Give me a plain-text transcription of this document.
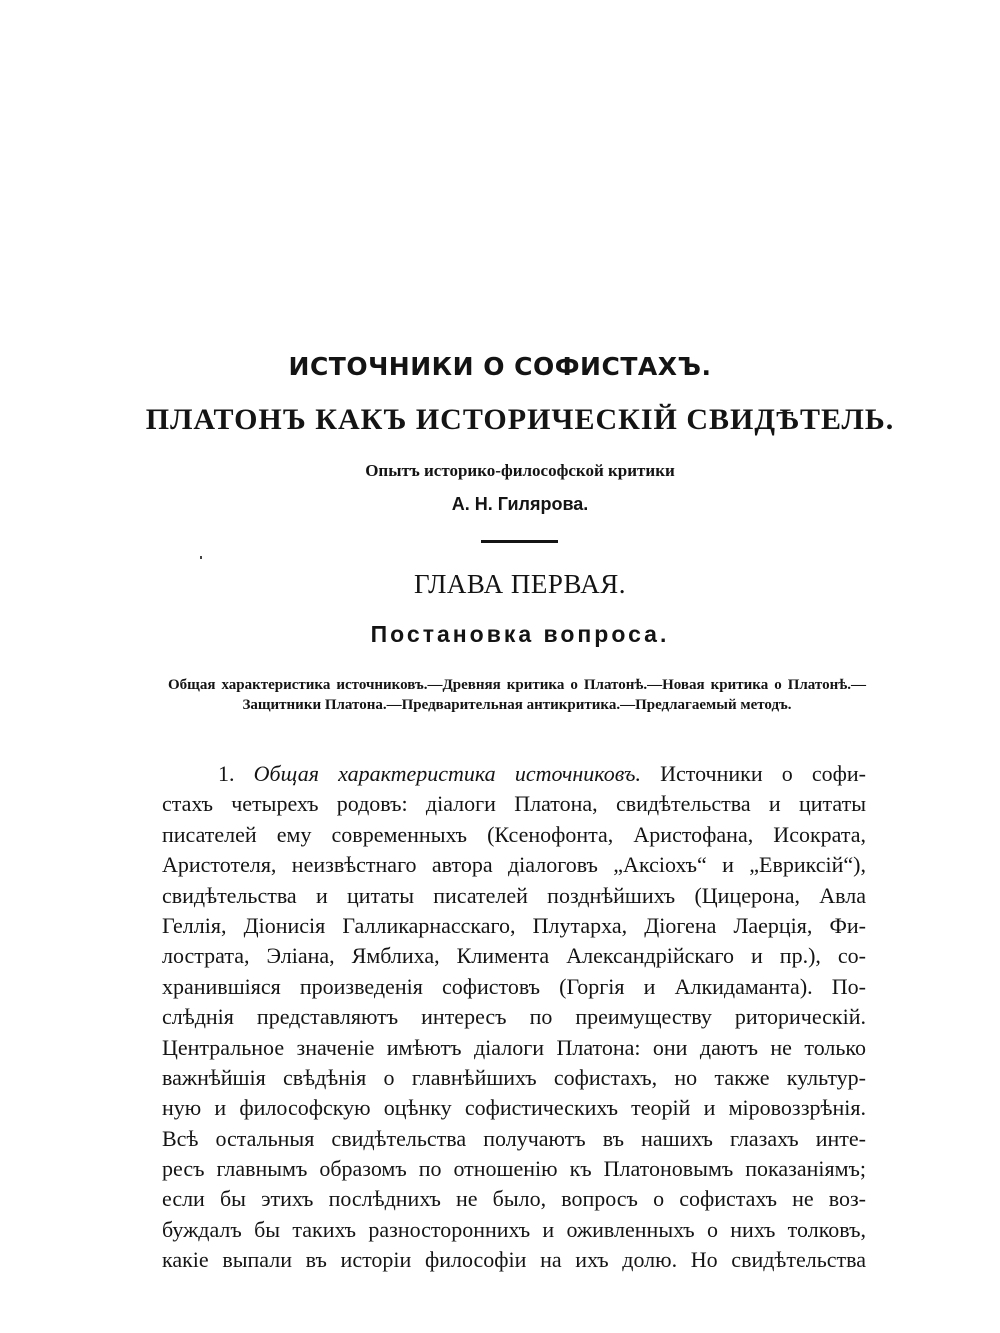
ИСТОЧНИКИ О СОФИСТАХЪ.
ПЛАТОНЪ КАКЪ ИСТОРИЧЕСКІЙ СВИДѢТЕЛЬ.
Опытъ историко-философской критики
А. Н. Гилярова.
ГЛАВА ПЕРВАЯ.
Постановка вопроса.
Общая характеристика источниковъ.—Древняя критика о Платонѣ.—Новая критика о Платонѣ.—Защитники Платона.—Предварительная антикритика.—Предлагаемый методъ.
1. Общая характеристика источниковъ. Источники о софи-
стахъ четырехъ родовъ: діалоги Платона, свидѣтельства и цитаты
писателей ему современныхъ (Ксенофонта, Аристофана, Исократа,
Аристотеля, неизвѣстнаго автора діалоговъ „Аксіохъ“ и „Евриксій“),
свидѣтельства и цитаты писателей позднѣйшихъ (Цицерона, Авла
Геллія, Діонисія Галликарнасскаго, Плутарха, Діогена Лаерція, Фи-
лострата, Эліана, Ямблиха, Климента Александрійскаго и пр.), со-
хранившіяся произведенія софистовъ (Горгія и Алкидаманта). По-
слѣднія представляютъ интересъ по преимуществу риторическій.
Центральное значеніе имѣютъ діалоги Платона: они даютъ не только
важнѣйшія свѣдѣнія о главнѣйшихъ софистахъ, но также культур-
ную и философскую оцѣнку софистическихъ теорій и міровоззрѣнія.
Всѣ остальныя свидѣтельства получаютъ въ нашихъ глазахъ инте-
ресъ главнымъ образомъ по отношенію къ Платоновымъ показаніямъ;
если бы этихъ послѣднихъ не было, вопросъ о софистахъ не воз-
буждалъ бы такихъ разностороннихъ и оживленныхъ о нихъ толковъ,
какіе выпали въ исторіи философіи на ихъ долю. Но свидѣтельства
